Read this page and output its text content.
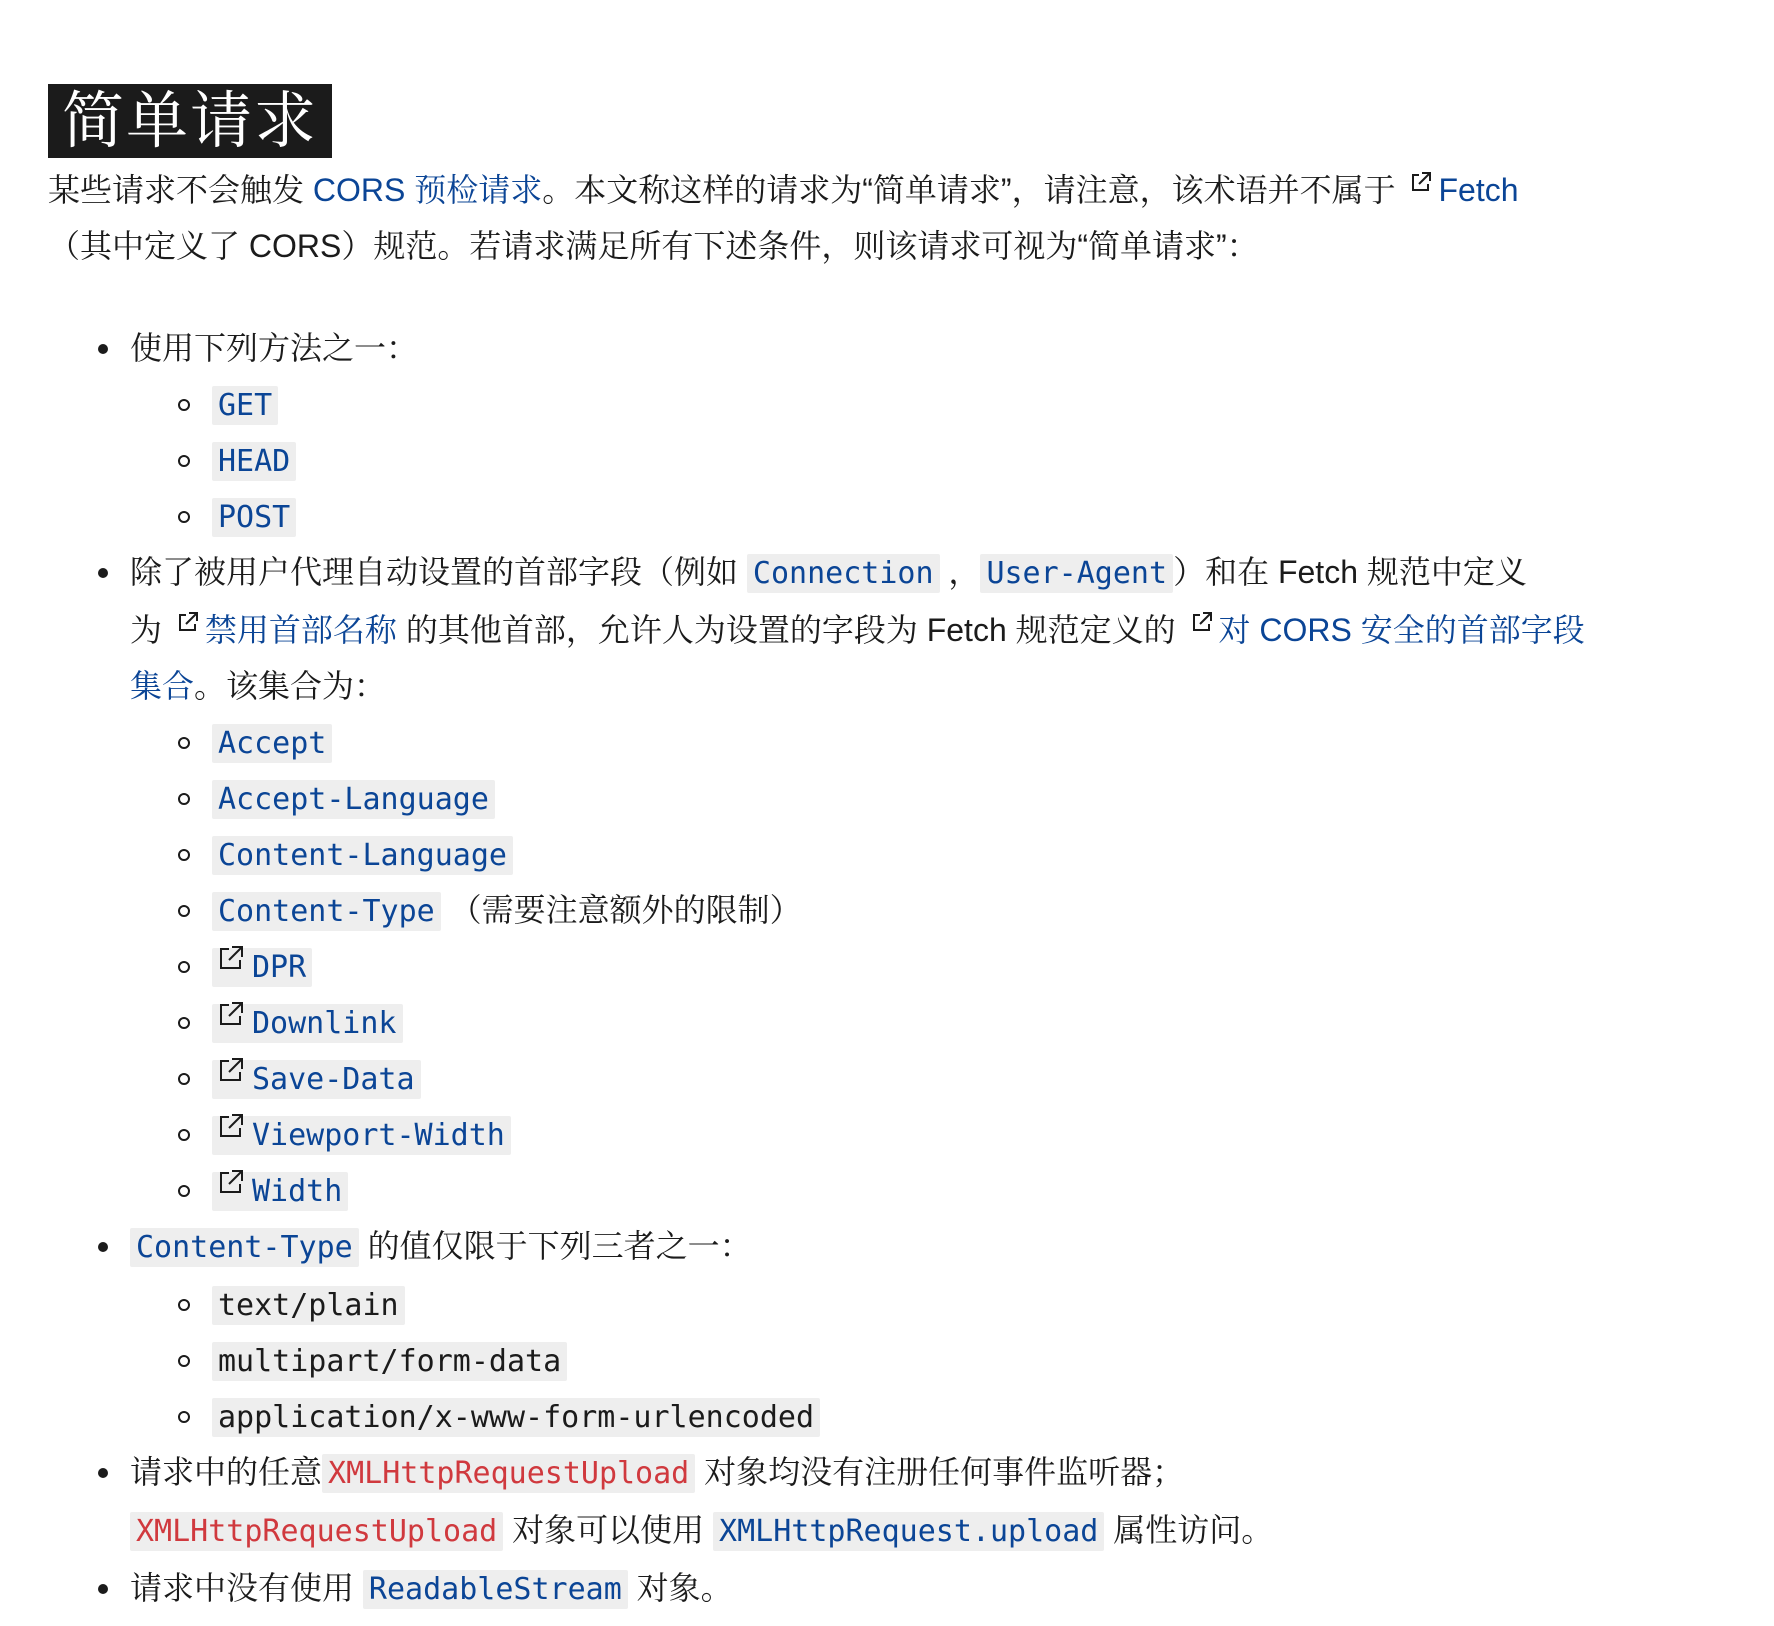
简单请求
某些请求不会触发 CORS 预检请求。本文称这样的请求为“简单请求”，请注意，该术语并不属于
Fetch
（其中定义了 CORS）规范。若请求满足所有下述条件，则该请求可视为“简单请求”：
使用下列方法之一：
GET
HEAD
POST
除了被用户代理自动设置的首部字段（例如 Connection ， User-Agent ）和在 Fetch 规范中定义
为
禁用首部名称 的其他首部，允许人为设置的字段为 Fetch 规范定义的
对 CORS 安全的首部字段集合。该集合为：
Accept
Accept-Language
Content-Language
Content-Type （需要注意额外的限制）
DPR
Downlink
Save-Data
Viewport-Width
Width
Content-Type 的值仅限于下列三者之一：
text/plain
multipart/form-data
application/x-www-form-urlencoded
请求中的任意 XMLHttpRequestUpload 对象均没有注册任何事件监听器；
XMLHttpRequestUpload 对象可以使用 XMLHttpRequest.upload 属性访问。
请求中没有使用 ReadableStream 对象。
